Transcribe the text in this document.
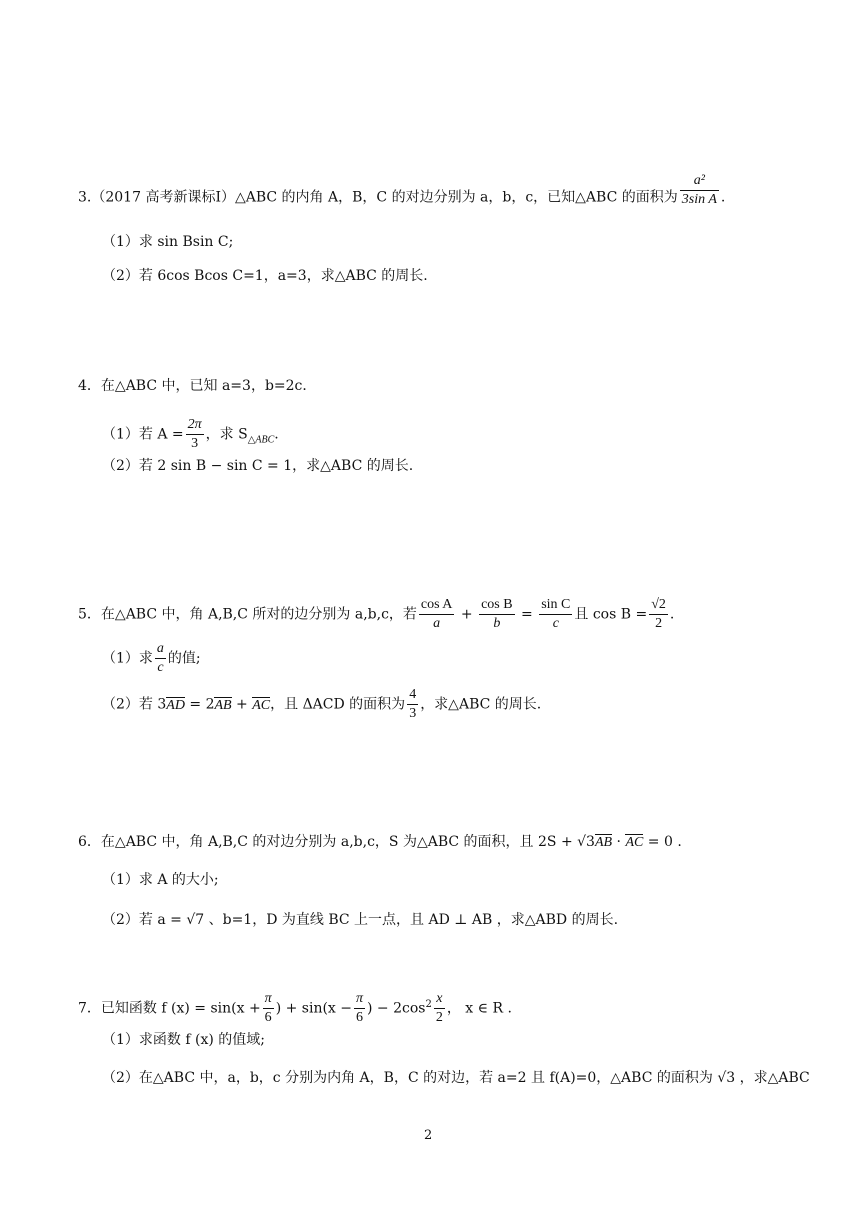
3.（2017 高考新课标Ⅰ）△ABC 的内角 A，B，C 的对边分别为 a，b，c，已知△ABC 的面积为 $\frac{\text{a²}}{\text{3sin A}}$ .
（1）求 sin Bsin C;
（2）若 6cos Bcos C=1，a=3，求△ABC 的周长.
4．在△ABC 中，已知 a=3，b=2c．
（1）若 $A = \frac{2\pi}{3}$ ，求 $S_{\triangle ABC}$.
（2）若 2 sin B − sin C = 1，求△ABC 的周长.
5．在△ABC 中，角 A,B,C 所对的边分别为 a,b,c，若 $\frac{\text{cos A}}{a} + \frac{\text{cos B}}{b} = \frac{\text{sin C}}{c}$ 且 $\cos B = \frac{√2}{2}$ .
（1）求 $\frac{a}{c}$ 的值;
（2）若 3AD = 2AB + AC，且 ΔACD 的面积为 $\frac{4}{3}$ ，求△ABC 的周长.
6．在△ABC 中，角 A,B,C 的对边分别为 a,b,c，S 为△ABC 的面积，且 2S + √3AB · AC = 0 .
（1）求 A 的大小;
（2）若 a = √7 、b=1，D 为直线 BC 上一点，且 AD ⊥ AB ，求△ABD 的周长.
7．已知函数 f $(x) = \sin(x + \frac{\pi}{6}$ ) + $\sin(x - \frac{\pi}{6}$ ) − $2\cos^2 \frac{x}{2}$ ， x ∈ R .
（1）求函数 f (x) 的值域;
（2）在△ABC 中，a，b，c 分别为内角 A，B，C 的对边，若 a=2 且 f(A)=0，△ABC 的面积为 √3 ，求△ABC
2
